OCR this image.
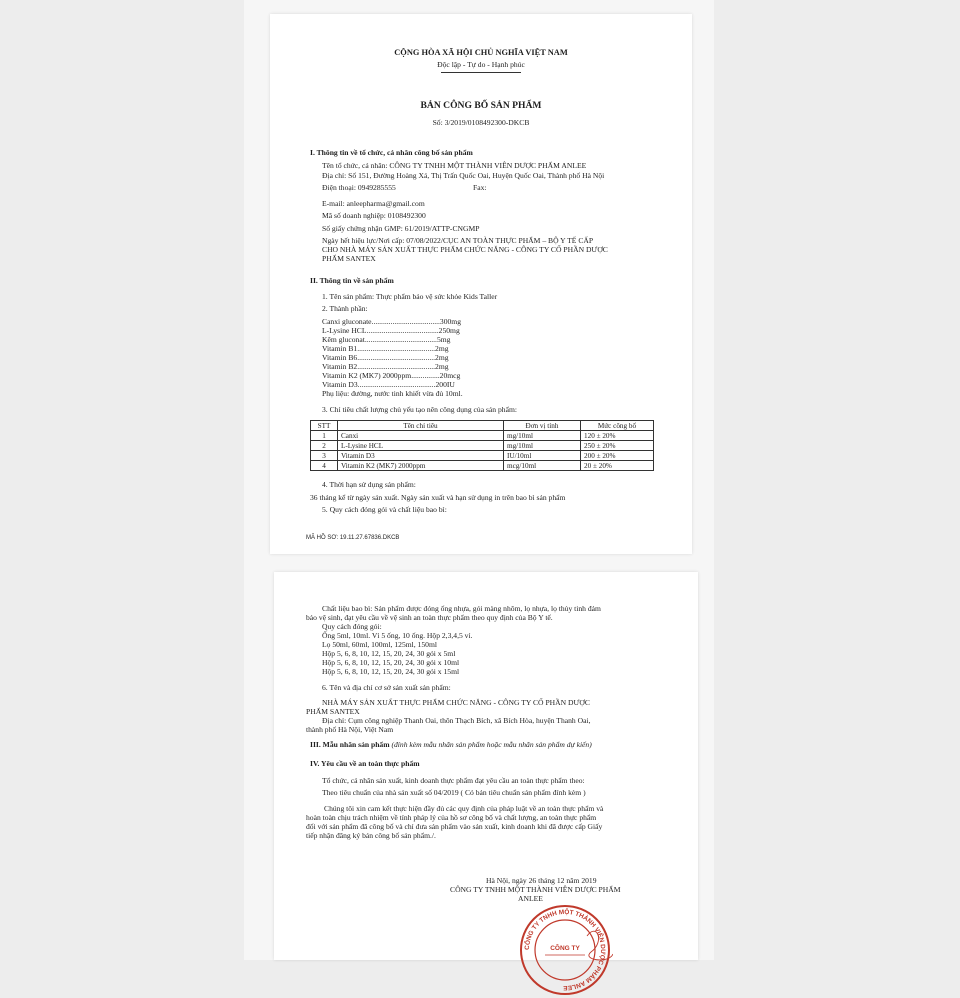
CỘNG HÒA XÃ HỘI CHỦ NGHĨA VIỆT NAM
Độc lập - Tự do - Hạnh phúc
BẢN CÔNG BỐ SẢN PHẨM
Số: 3/2019/0108492300-DKCB
I. Thông tin về tổ chức, cá nhân công bố sản phẩm
Tên tổ chức, cá nhân: CÔNG TY TNHH MỘT THÀNH VIÊN DƯỢC PHẨM ANLEE
Địa chỉ: Số 151, Đường Hoàng Xá, Thị Trấn Quốc Oai, Huyện Quốc Oai, Thành phố Hà Nội
Điện thoại: 0949285555	Fax:
E-mail: anleepharma@gmail.com
Mã số doanh nghiệp: 0108492300
Số giấy chứng nhận GMP: 61/2019/ATTP-CNGMP
Ngày hết hiệu lực/Nơi cấp: 07/08/2022/CỤC AN TOÀN THỰC PHẨM – BỘ Y TẾ CẤP
CHO NHÀ MÁY SẢN XUẤT THỰC PHẨM CHỨC NĂNG - CÔNG TY CỔ PHẦN DƯỢC
PHẨM SANTEX
II. Thông tin về sản phẩm
1. Tên sản phẩm: Thực phẩm bảo vệ sức khỏe Kids Taller
2. Thành phần:
Canxi gluconate....................................300mg
L-Lysine HCL......................................250mg
Kẽm gluconat......................................5mg
Vitamin B1.........................................2mg
Vitamin B6.........................................2mg
Vitamin B2.........................................2mg
Vitamin K2 (MK7) 2000ppm...............20mcg
Vitamin D3.........................................200IU
Phụ liệu: đường, nước tinh khiết vừa đủ 10ml.
3. Chỉ tiêu chất lượng chủ yếu tạo nên công dụng của sản phẩm:
STT	Tên chỉ tiêu	Đơn vị tính	Mức công bố
1	Canxi	mg/10ml	120 ± 20%
2	L-Lysine HCL	mg/10ml	250 ± 20%
3	Vitamin D3	IU/10ml	200 ± 20%
4	Vitamin K2 (MK7) 2000ppm	mcg/10ml	20 ± 20%
4. Thời hạn sử dụng sản phẩm:
36 tháng kể từ ngày sản xuất. Ngày sản xuất và hạn sử dụng in trên bao bì sản phẩm
5. Quy cách đóng gói và chất liệu bao bì:
MÃ HỒ SƠ: 19.11.27.67836.DKCB
Chất liệu bao bì: Sản phẩm được đóng ống nhựa, gói màng nhôm, lọ nhựa, lọ thủy tinh đảm
bảo vệ sinh, đạt yêu cầu về vệ sinh an toàn thực phẩm theo quy định của Bộ Y tế.
Quy cách đóng gói:
Ống 5ml, 10ml. Vỉ 5 ống, 10 ống. Hộp 2,3,4,5 vỉ.
Lọ 50ml, 60ml, 100ml, 125ml, 150ml
Hộp 5, 6, 8, 10, 12, 15, 20, 24, 30 gói x 5ml
Hộp 5, 6, 8, 10, 12, 15, 20, 24, 30 gói x 10ml
Hộp 5, 6, 8, 10, 12, 15, 20, 24, 30 gói x 15ml
6. Tên và địa chỉ cơ sở sản xuất sản phẩm:
NHÀ MÁY SẢN XUẤT THỰC PHẨM CHỨC NĂNG - CÔNG TY CỔ PHẦN DƯỢC
PHẨM SANTEX
Địa chỉ: Cụm công nghiệp Thanh Oai, thôn Thạch Bích, xã Bích Hòa, huyện Thanh Oai,
thành phố Hà Nội, Việt Nam
III. Mẫu nhãn sản phẩm (đính kèm mẫu nhãn sản phẩm hoặc mẫu nhãn sản phẩm dự kiến)
IV. Yêu cầu về an toàn thực phẩm
Tổ chức, cá nhân sản xuất, kinh doanh thực phẩm đạt yêu cầu an toàn thực phẩm theo:
Theo tiêu chuẩn của nhà sản xuất số 04/2019 ( Có bản tiêu chuẩn sản phẩm đính kèm )
Chúng tôi xin cam kết thực hiện đầy đủ các quy định của pháp luật về an toàn thực phẩm và
hoàn toàn chịu trách nhiệm về tính pháp lý của hồ sơ công bố và chất lượng, an toàn thực phẩm
đối với sản phẩm đã công bố và chỉ đưa sản phẩm vào sản xuất, kinh doanh khi đã được cấp Giấy
tiếp nhận đăng ký bản công bố sản phẩm./.
Hà Nội, ngày 26 tháng 12 năm 2019
CÔNG TY TNHH MỘT THÀNH VIÊN DƯỢC PHẨM
ANLEE
CÔNG TY TNHH MỘT THÀNH VIÊN DƯỢC PHẨM ANLEE
CÔNG TY
